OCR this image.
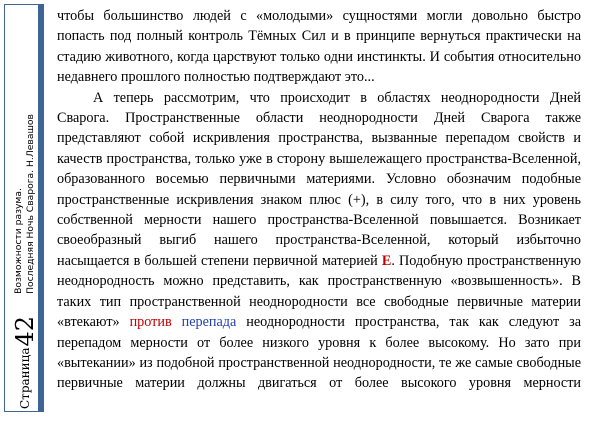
Страница
42
Возможности разума. Последняя Ночь Сварога. Н.Левашов

чтобы большинство людей с «молодыми» сущностями могли довольно быстро попасть под полный контроль Тёмных Сил и в принципе вернуться практически на стадию животного, когда царствуют только одни инстинкты. И события относительно недавнего прошлого полностью подтверждают это...

А теперь рассмотрим, что происходит в областях неоднородности Дней Сварога. Пространственные области неоднородности Дней Сварога также представляют собой искривления пространства, вызванные перепадом свойств и качеств пространства, только уже в сторону вышележащего пространства-Вселенной, образованного восемью первичными материями. Условно обозначим подобные пространственные искривления знаком плюс (+), в силу того, что в них уровень собственной мерности нашего пространства-Вселенной повышается. Возникает своеобразный выгиб нашего пространства-Вселенной, который избыточно насыщается в большей степени первичной материей E. Подобную пространственную неоднородность можно представить, как пространственную «возвышенность». В таких тип пространственной неоднородности все свободные первичные материи «втекают» против перепада неоднородности пространства, так как следуют за перепадом мерности от более низкого уровня к более высокому. Но зато при «вытекании» из подобной пространственной неоднородности, те же самые свободные первичные материи должны двигаться от более высокого уровня мерности
